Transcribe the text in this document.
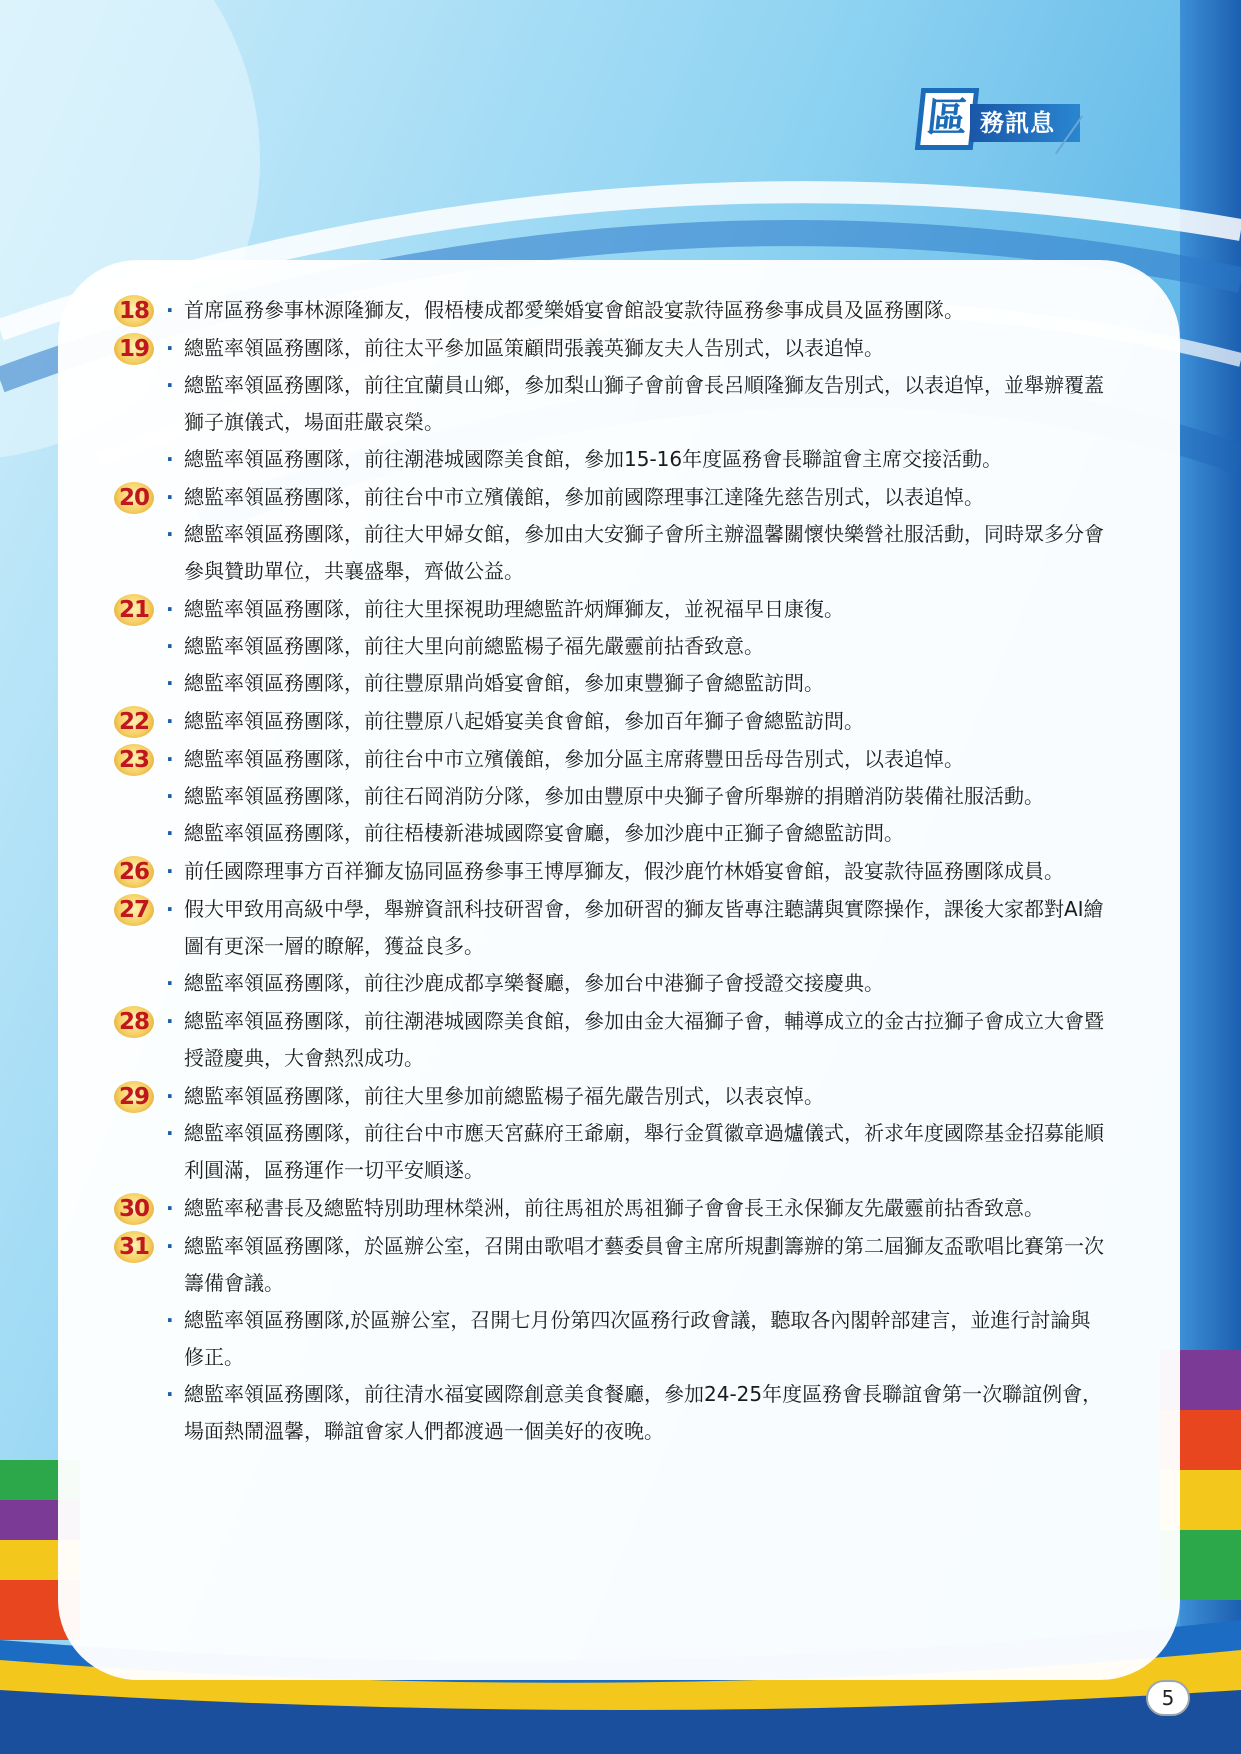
區 務訊息
18	· 首席區務參事林源隆獅友，假梧棲成都愛樂婚宴會館設宴款待區務參事成員及區務團隊。
19	· 總監率領區務團隊，前往太平參加區策顧問張義英獅友夫人告別式，以表追悼。
· 總監率領區務團隊，前往宜蘭員山鄉，參加梨山獅子會前會長呂順隆獅友告別式，以表追悼，並舉辦覆蓋獅子旗儀式，場面莊嚴哀榮。
· 總監率領區務團隊，前往潮港城國際美食館，參加15-16年度區務會長聯誼會主席交接活動。
20	· 總監率領區務團隊，前往台中市立殯儀館，參加前國際理事江達隆先慈告別式，以表追悼。
· 總監率領區務團隊，前往大甲婦女館，參加由大安獅子會所主辦溫馨關懷快樂營社服活動，同時眾多分會參與贊助單位，共襄盛舉，齊做公益。
21	· 總監率領區務團隊，前往大里探視助理總監許炳輝獅友，並祝福早日康復。
· 總監率領區務團隊，前往大里向前總監楊子福先嚴靈前拈香致意。
· 總監率領區務團隊，前往豐原鼎尚婚宴會館，參加東豐獅子會總監訪問。
22	· 總監率領區務團隊，前往豐原八起婚宴美食會館，參加百年獅子會總監訪問。
23	· 總監率領區務團隊，前往台中市立殯儀館，參加分區主席蔣豐田岳母告別式，以表追悼。
· 總監率領區務團隊，前往石岡消防分隊，參加由豐原中央獅子會所舉辦的捐贈消防裝備社服活動。
· 總監率領區務團隊，前往梧棲新港城國際宴會廳，參加沙鹿中正獅子會總監訪問。
26	· 前任國際理事方百祥獅友協同區務參事王博厚獅友，假沙鹿竹林婚宴會館，設宴款待區務團隊成員。
27	· 假大甲致用高級中學，舉辦資訊科技研習會，參加研習的獅友皆專注聽講與實際操作，課後大家都對AI繪圖有更深一層的瞭解，獲益良多。
· 總監率領區務團隊，前往沙鹿成都享樂餐廳，參加台中港獅子會授證交接慶典。
28	· 總監率領區務團隊，前往潮港城國際美食館，參加由金大福獅子會，輔導成立的金古拉獅子會成立大會暨授證慶典，大會熱烈成功。
29	· 總監率領區務團隊，前往大里參加前總監楊子福先嚴告別式，以表哀悼。
· 總監率領區務團隊，前往台中市應天宮蘇府王爺廟，舉行金質徽章過爐儀式，祈求年度國際基金招募能順利圓滿，區務運作一切平安順遂。
30	· 總監率秘書長及總監特別助理林榮洲，前往馬祖於馬祖獅子會會長王永保獅友先嚴靈前拈香致意。
31	· 總監率領區務團隊，於區辦公室，召開由歌唱才藝委員會主席所規劃籌辦的第二屆獅友盃歌唱比賽第一次籌備會議。
· 總監率領區務團隊,於區辦公室，召開七月份第四次區務行政會議，聽取各內閣幹部建言，並進行討論與修正。
· 總監率領區務團隊，前往清水福宴國際創意美食餐廳，參加24-25年度區務會長聯誼會第一次聯誼例會，場面熱鬧溫馨，聯誼會家人們都渡過一個美好的夜晚。
5
